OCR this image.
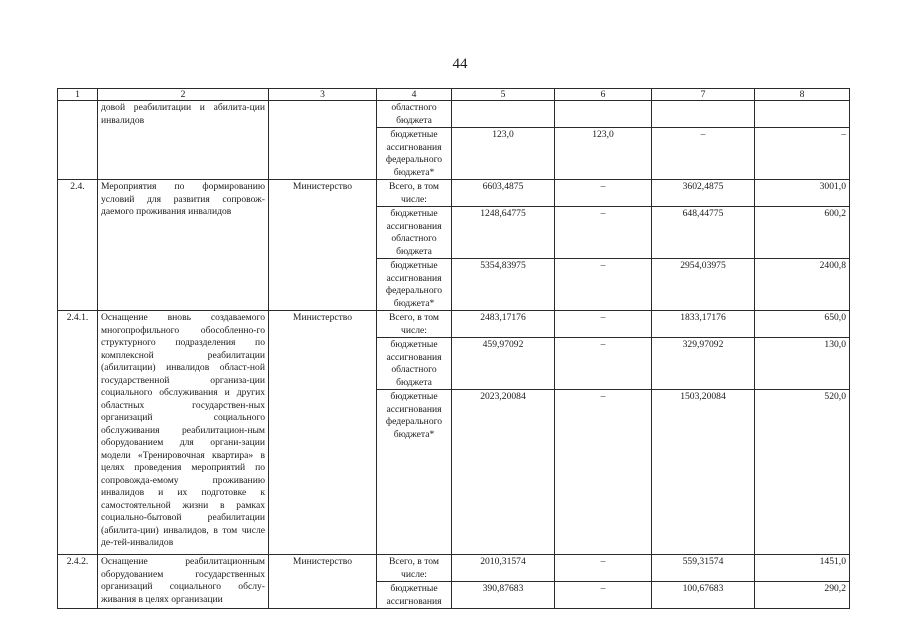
44
1	2	3	4	5	6	7	8
	довой реабилитации и абилита-ции инвалидов		областного бюджета				
			бюджетные ассигнования федерального бюджета*	123,0	123,0	–	–
2.4.	Мероприятия по формированию условий для развития сопровож-даемого проживания инвалидов	Министерство	Всего, в том числе:	6603,4875	–	3602,4875	3001,0
			бюджетные ассигнования областного бюджета	1248,64775	–	648,44775	600,2
			бюджетные ассигнования федерального бюджета*	5354,83975	–	2954,03975	2400,8
2.4.1.	Оснащение вновь создаваемого многопрофильного обособленно-го структурного подразделения по комплексной реабилитации (абилитации) инвалидов област-ной государственной организа-ции социального обслуживания и других областных государствен-ных организаций социального обслуживания реабилитацион-ным оборудованием для органи-зации модели «Тренировочная квартира» в целях проведения мероприятий по сопровожда-емому проживанию инвалидов и их подготовке к самостоятельной жизни в рамках социально-бытовой реабилитации (абилита-ции) инвалидов, в том числе де-тей-инвалидов	Министерство	Всего, в том числе:	2483,17176	–	1833,17176	650,0
			бюджетные ассигнования областного бюджета	459,97092	–	329,97092	130,0
			бюджетные ассигнования федерального бюджета*	2023,20084	–	1503,20084	520,0
2.4.2.	Оснащение реабилитационным оборудованием государственных организаций социального обслу-живания в целях организации	Министерство	Всего, в том числе:	2010,31574	–	559,31574	1451,0
			бюджетные ассигнования	390,87683	–	100,67683	290,2
